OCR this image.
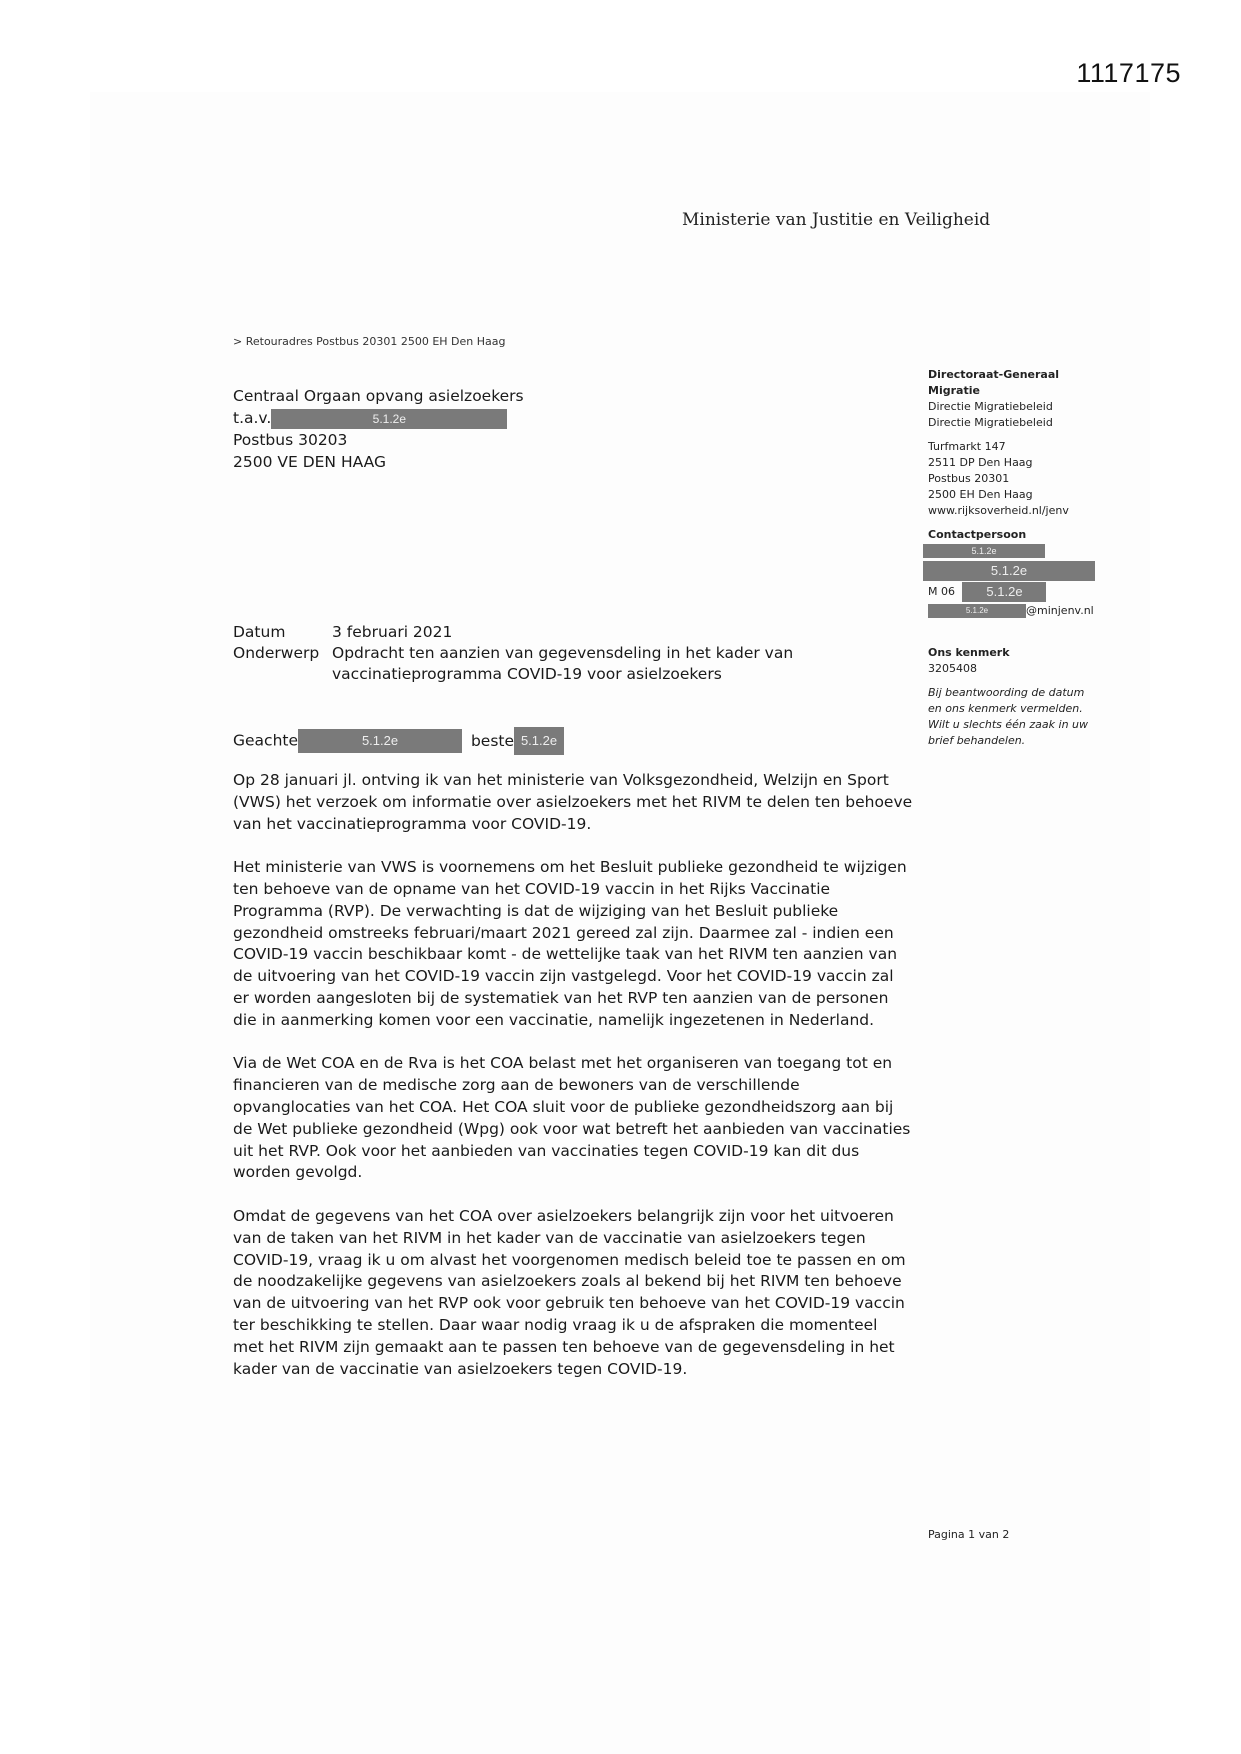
1117175
Ministerie van Justitie en Veiligheid
> Retouradres Postbus 20301 2500 EH Den Haag
Centraal Orgaan opvang asielzoekers
t.a.v.	5.1.2e
Postbus 30203
2500 VE DEN HAAG
Directoraat-Generaal
Migratie
Directie Migratiebeleid
Directie Migratiebeleid
Turfmarkt 147
2511 DP Den Haag
Postbus 20301
2500 EH Den Haag
www.rijksoverheid.nl/jenv
Contactpersoon
5.1.2e
5.1.2e
M 06 5.1.2e
5.1.2e	@minjenv.nl
Ons kenmerk
3205408
Bij beantwoording de datum
en ons kenmerk vermelden.
Wilt u slechts één zaak in uw
brief behandelen.
Datum	3 februari 2021
Onderwerp Opdracht ten aanzien van gegevensdeling in het kader van
vaccinatieprogramma COVID-19 voor asielzoekers
Geachte	5.1.2e	beste 5.1.2e

Op 28 januari jl. ontving ik van het ministerie van Volksgezondheid, Welzijn en Sport (VWS) het verzoek om informatie over asielzoekers met het RIVM te delen ten behoeve van het vaccinatieprogramma voor COVID-19.

Het ministerie van VWS is voornemens om het Besluit publieke gezondheid te wijzigen ten behoeve van de opname van het COVID-19 vaccin in het Rijks Vaccinatie Programma (RVP). De verwachting is dat de wijziging van het Besluit publieke gezondheid omstreeks februari/maart 2021 gereed zal zijn. Daarmee zal - indien een COVID-19 vaccin beschikbaar komt - de wettelijke taak van het RIVM ten aanzien van de uitvoering van het COVID-19 vaccin zijn vastgelegd. Voor het COVID-19 vaccin zal er worden aangesloten bij de systematiek van het RVP ten aanzien van de personen die in aanmerking komen voor een vaccinatie, namelijk ingezetenen in Nederland.

Via de Wet COA en de Rva is het COA belast met het organiseren van toegang tot en financieren van de medische zorg aan de bewoners van de verschillende opvanglocaties van het COA. Het COA sluit voor de publieke gezondheidszorg aan bij de Wet publieke gezondheid (Wpg) ook voor wat betreft het aanbieden van vaccinaties uit het RVP. Ook voor het aanbieden van vaccinaties tegen COVID-19 kan dit dus worden gevolgd.

Omdat de gegevens van het COA over asielzoekers belangrijk zijn voor het uitvoeren van de taken van het RIVM in het kader van de vaccinatie van asielzoekers tegen COVID-19, vraag ik u om alvast het voorgenomen medisch beleid toe te passen en om de noodzakelijke gegevens van asielzoekers zoals al bekend bij het RIVM ten behoeve van de uitvoering van het RVP ook voor gebruik ten behoeve van het COVID-19 vaccin ter beschikking te stellen. Daar waar nodig vraag ik u de afspraken die momenteel met het RIVM zijn gemaakt aan te passen ten behoeve van de gegevensdeling in het kader van de vaccinatie van asielzoekers tegen COVID-19.

Pagina 1 van 2
